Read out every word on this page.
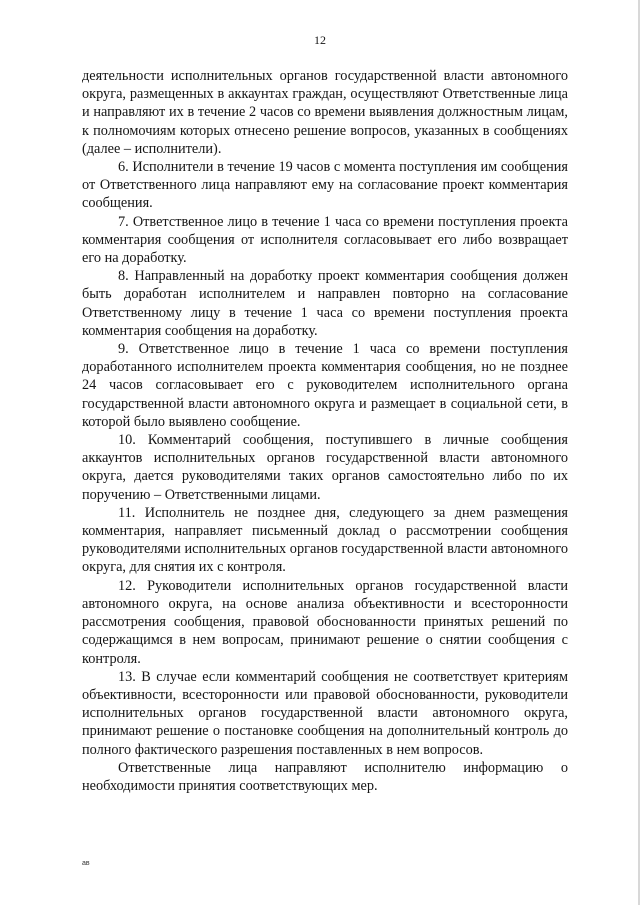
12

деятельности исполнительных органов государственной власти автономного округа, размещенных в аккаунтах граждан, осуществляют Ответственные лица и направляют их в течение 2 часов со времени выявления должностным лицам, к полномочиям которых отнесено решение вопросов, указанных в сообщениях (далее – исполнители).

6. Исполнители в течение 19 часов с момента поступления им сообщения от Ответственного лица направляют ему на согласование проект комментария сообщения.

7. Ответственное лицо в течение 1 часа со времени поступления проекта комментария сообщения от исполнителя согласовывает его либо возвращает его на доработку.

8. Направленный на доработку проект комментария сообщения должен быть доработан исполнителем и направлен повторно на согласование Ответственному лицу в течение 1 часа со времени поступления проекта комментария сообщения на доработку.

9. Ответственное лицо в течение 1 часа со времени поступления доработанного исполнителем проекта комментария сообщения, но не позднее 24 часов согласовывает его с руководителем исполнительного органа государственной власти автономного округа и размещает в социальной сети, в которой было выявлено сообщение.

10. Комментарий сообщения, поступившего в личные сообщения аккаунтов исполнительных органов государственной власти автономного округа, дается руководителями таких органов самостоятельно либо по их поручению – Ответственными лицами.

11. Исполнитель не позднее дня, следующего за днем размещения комментария, направляет письменный доклад о рассмотрении сообщения руководителями исполнительных органов государственной власти автономного округа, для снятия их с контроля.

12. Руководители исполнительных органов государственной власти автономного округа, на основе анализа объективности и всесторонности рассмотрения сообщения, правовой обоснованности принятых решений по содержащимся в нем вопросам, принимают решение о снятии сообщения с контроля.

13. В случае если комментарий сообщения не соответствует критериям объективности, всесторонности или правовой обоснованности, руководители исполнительных органов государственной власти автономного округа, принимают решение о постановке сообщения на дополнительный контроль до полного фактического разрешения поставленных в нем вопросов.

Ответственные лица направляют исполнителю информацию о необходимости принятия соответствующих мер.

ав
